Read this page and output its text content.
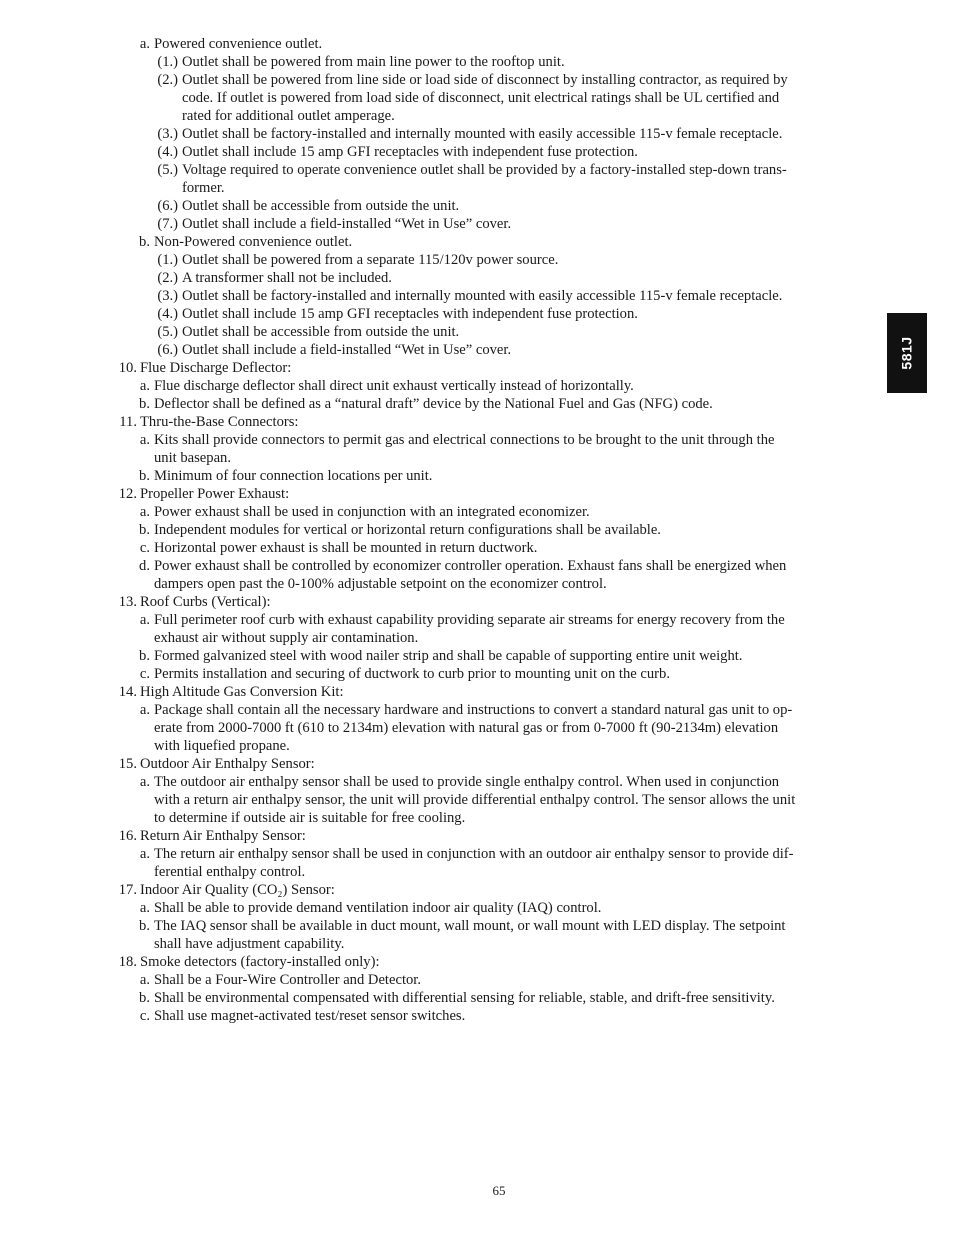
a. Powered convenience outlet.
(1.) Outlet shall be powered from main line power to the rooftop unit.
(2.) Outlet shall be powered from line side or load side of disconnect by installing contractor, as required by
code. If outlet is powered from load side of disconnect, unit electrical ratings shall be UL certified and
rated for additional outlet amperage.
(3.) Outlet shall be factory-installed and internally mounted with easily accessible 115-v female receptacle.
(4.) Outlet shall include 15 amp GFI receptacles with independent fuse protection.
(5.) Voltage required to operate convenience outlet shall be provided by a factory-installed step-down trans-
former.
(6.) Outlet shall be accessible from outside the unit.
(7.) Outlet shall include a field-installed “Wet in Use” cover.
b. Non-Powered convenience outlet.
(1.) Outlet shall be powered from a separate 115/120v power source.
(2.) A transformer shall not be included.
(3.) Outlet shall be factory-installed and internally mounted with easily accessible 115-v female receptacle.
(4.) Outlet shall include 15 amp GFI receptacles with independent fuse protection.
(5.) Outlet shall be accessible from outside the unit.
(6.) Outlet shall include a field-installed “Wet in Use” cover.
10. Flue Discharge Deflector:
a. Flue discharge deflector shall direct unit exhaust vertically instead of horizontally.
b. Deflector shall be defined as a “natural draft” device by the National Fuel and Gas (NFG) code.
11. Thru-the-Base Connectors:
a. Kits shall provide connectors to permit gas and electrical connections to be brought to the unit through the
unit basepan.
b. Minimum of four connection locations per unit.
12. Propeller Power Exhaust:
a. Power exhaust shall be used in conjunction with an integrated economizer.
b. Independent modules for vertical or horizontal return configurations shall be available.
c. Horizontal power exhaust is shall be mounted in return ductwork.
d. Power exhaust shall be controlled by economizer controller operation. Exhaust fans shall be energized when
dampers open past the 0-100% adjustable setpoint on the economizer control.
13. Roof Curbs (Vertical):
a. Full perimeter roof curb with exhaust capability providing separate air streams for energy recovery from the
exhaust air without supply air contamination.
b. Formed galvanized steel with wood nailer strip and shall be capable of supporting entire unit weight.
c. Permits installation and securing of ductwork to curb prior to mounting unit on the curb.
14. High Altitude Gas Conversion Kit:
a. Package shall contain all the necessary hardware and instructions to convert a standard natural gas unit to op-
erate from 2000-7000 ft (610 to 2134m) elevation with natural gas or from 0-7000 ft (90-2134m) elevation
with liquefied propane.
15. Outdoor Air Enthalpy Sensor:
a. The outdoor air enthalpy sensor shall be used to provide single enthalpy control. When used in conjunction
with a return air enthalpy sensor, the unit will provide differential enthalpy control. The sensor allows the unit
to determine if outside air is suitable for free cooling.
16. Return Air Enthalpy Sensor:
a. The return air enthalpy sensor shall be used in conjunction with an outdoor air enthalpy sensor to provide dif-
ferential enthalpy control.
17. Indoor Air Quality (CO₂) Sensor:
a. Shall be able to provide demand ventilation indoor air quality (IAQ) control.
b. The IAQ sensor shall be available in duct mount, wall mount, or wall mount with LED display. The setpoint
shall have adjustment capability.
18. Smoke detectors (factory-installed only):
a. Shall be a Four-Wire Controller and Detector.
b. Shall be environmental compensated with differential sensing for reliable, stable, and drift-free sensitivity.
c. Shall use magnet-activated test/reset sensor switches.
581J
65
